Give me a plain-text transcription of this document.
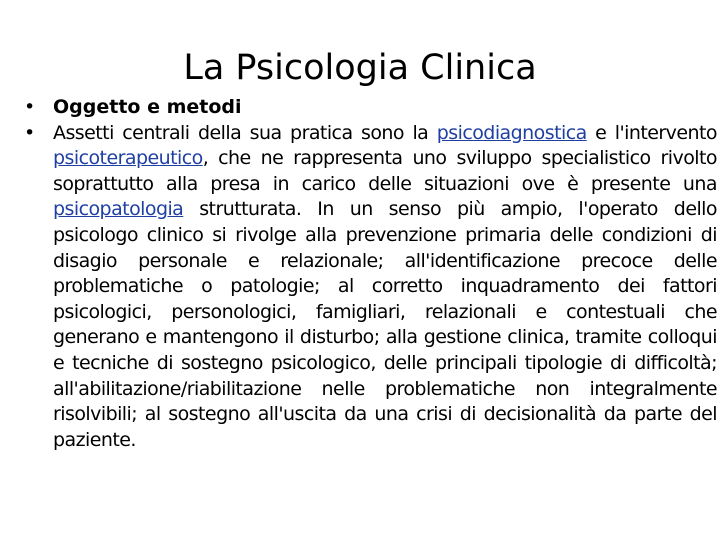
La Psicologia Clinica
• Oggetto e metodi
• Assetti centrali della sua pratica sono la psicodiagnostica e l'intervento psicoterapeutico, che ne rappresenta uno sviluppo specialistico rivolto soprattutto alla presa in carico delle situazioni ove è presente una psicopatologia strutturata. In un senso più ampio, l'operato dello psicologo clinico si rivolge alla prevenzione primaria delle condizioni di disagio personale e relazionale; all'identificazione precoce delle problematiche o patologie; al corretto inquadramento dei fattori psicologici, personologici, famigliari, relazionali e contestuali che generano e mantengono il disturbo; alla gestione clinica, tramite colloqui e tecniche di sostegno psicologico, delle principali tipologie di difficoltà; all'abilitazione/riabilitazione nelle problematiche non integralmente risolvibili; al sostegno all'uscita da una crisi di decisionalità da parte del paziente.
